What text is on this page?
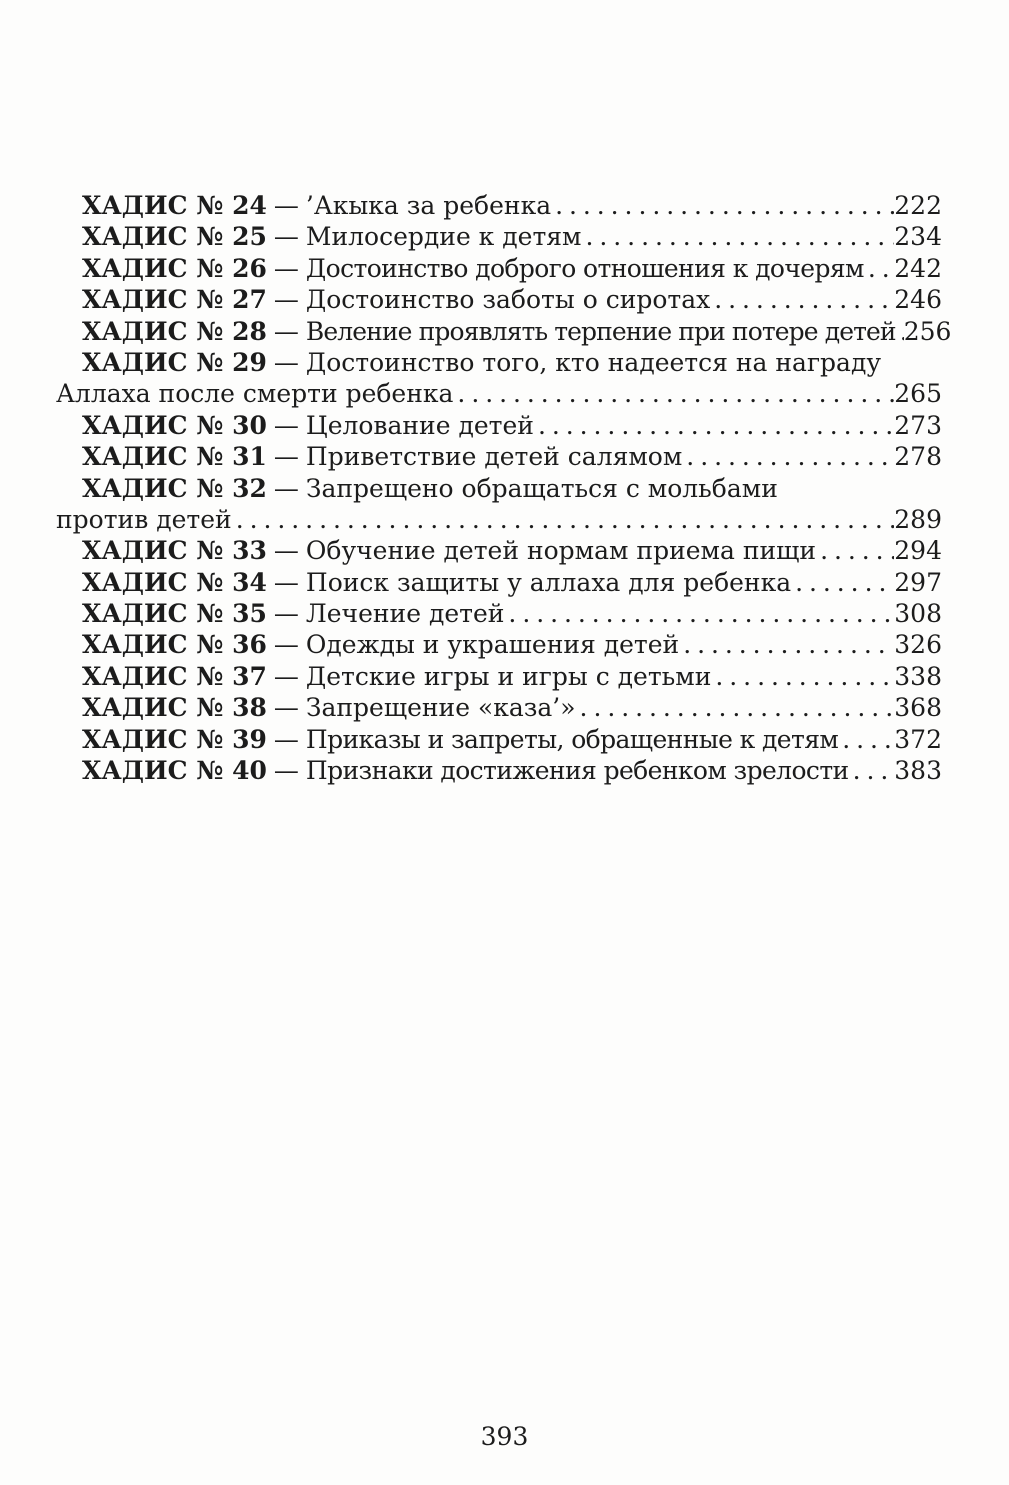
ХАДИС № 24 — ’Акыка за ребенка . . .	222
ХАДИС № 25 — Милосердие к детям . . .	234
ХАДИС № 26 — Достоинство доброго отношения к дочерям . . . 242
ХАДИС № 27 — Достоинство заботы о сиротах . . .	246
ХАДИС № 28 — Веление проявлять терпение при потере детей . . . 256
ХАДИС № 29 — Достоинство того, кто надеется на награду
Аллаха после смерти ребенка . . .	265
ХАДИС № 30 — Целование детей . . .	273
ХАДИС № 31 — Приветствие детей салямом . . .	278
ХАДИС № 32 — Запрещено обращаться с мольбами
против детей . . .	289
ХАДИС № 33 — Обучение детей нормам приема пищи . . .	294
ХАДИС № 34 — Поиск защиты у аллаха для ребенка . . .	297
ХАДИС № 35 — Лечение детей . . .	308
ХАДИС № 36 — Одежды и украшения детей . . .	326
ХАДИС № 37 — Детские игры и игры с детьми . . .	338
ХАДИС № 38 — Запрещение «каза’» . . .	368
ХАДИС № 39 — Приказы и запреты, обращенные к детям . . . 372
ХАДИС № 40 — Признаки достижения ребенком зрелости . . . 383
393
